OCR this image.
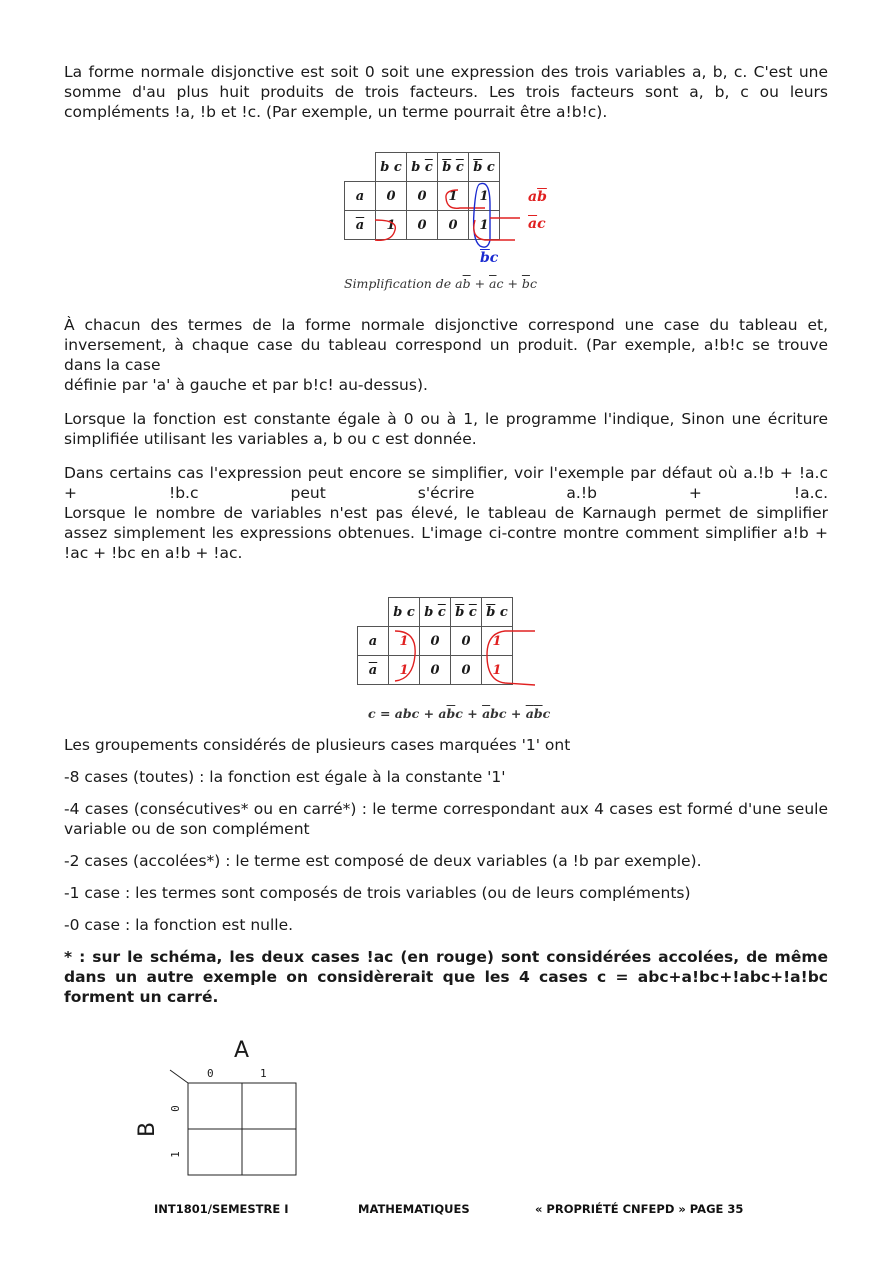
La forme normale disjonctive est soit 0 soit une expression des trois variables a, b, c. C'est une somme d'au plus huit produits de trois facteurs. Les trois facteurs sont a, b, c ou leurs compléments !a, !b et !c. (Par exemple, un terme pourrait être a!b!c).

	b c	b $\overline{c}$	$\overline{b}$ $\overline{c}$	$\overline{b}$ c
a	0	0	1	1
$\overline{a}$	1	0	0	1
$a\overline{b}$
$\overline{a}c$
$\overline{b}c$
Simplification de $a\overline{b} + \overline{a}c + \overline{b}c$

À chacun des termes de la forme normale disjonctive correspond une case du tableau et, inversement, à chaque case du tableau correspond un produit. (Par exemple, a!b!c se trouve dans la case

définie par 'a' à gauche et par b!c! au-dessus).

Lorsque la fonction est constante égale à 0 ou à 1, le programme l'indique, Sinon une écriture simplifiée utilisant les variables a, b ou c est donnée.

Dans certains cas l'expression peut encore se simplifier, voir l'exemple par défaut où a.!b + !a.c + !b.c peut s'écrire a.!b + !a.c.

Lorsque le nombre de variables n'est pas élevé, le tableau de Karnaugh permet de simplifier assez simplement les expressions obtenues. L'image ci-contre montre comment simplifier a!b + !ac + !bc en a!b + !ac.

	b c	b $\overline{c}$	$\overline{b}$ $\overline{c}$	$\overline{b}$ c
a	1	0	0	1
$\overline{a}$	1	0	0	1
c = abc + $a\overline{b}c + \overline{a}bc + \overline{a}\overline{b}c$

Les groupements considérés de plusieurs cases marquées '1' ont

-8 cases (toutes) : la fonction est égale à la constante '1'

-4 cases (consécutives* ou en carré*) : le terme correspondant aux 4 cases est formé d'une seule variable ou de son complément

-2 cases (accolées*) : le terme est composé de deux variables (a !b par exemple).

-1 case : les termes sont composés de trois variables (ou de leurs compléments)

-0 case : la fonction est nulle.

* : sur le schéma, les deux cases !ac (en rouge) sont considérées accolées, de même dans un autre exemple on considèrerait que les 4 cases c = abc+a!bc+!abc+!a!bc forment un carré.

A
0	1
B
0
1
INT1801/SEMESTRE I	MATHEMATIQUES	« PROPRIÉTÉ CNFEPD » PAGE 35
